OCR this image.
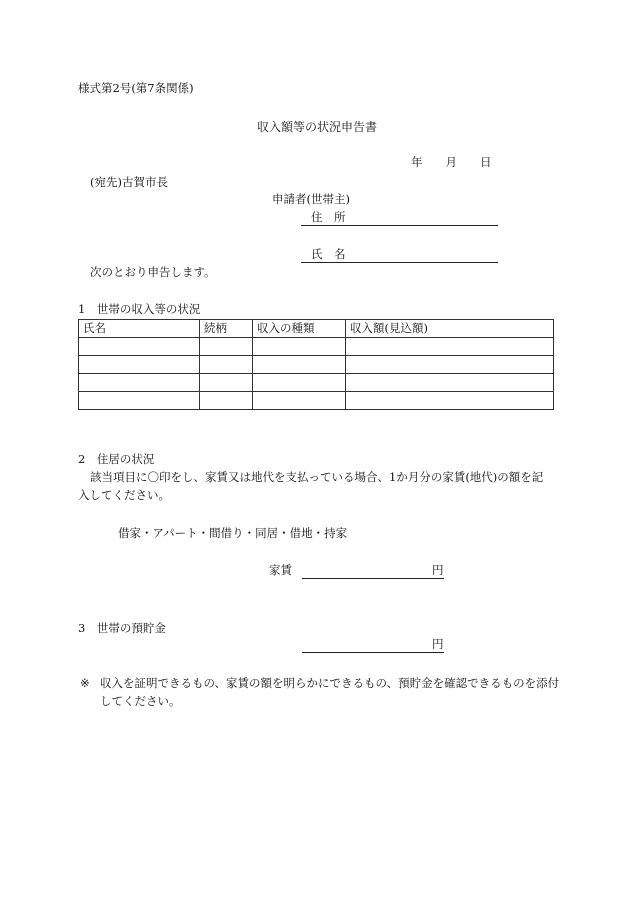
様式第2号(第7条関係)
収入額等の状況申告書
年　　月　　日
(宛先)古賀市長
申請者(世帯主)
住　所
氏　名
次のとおり申告します。
1　世帯の収入等の状況
氏名	続柄	収入の種類	収入額(見込額)

2　住居の状況
該当項目に〇印をし、家賃又は地代を支払っている場合、1か月分の家賃(地代)の額を記入してください。
借家・アパート・間借り・同居・借地・持家
家賃	円
3　世帯の預貯金
円
※ 収入を証明できるもの、家賃の額を明らかにできるもの、預貯金を確認できるものを添付してください。
